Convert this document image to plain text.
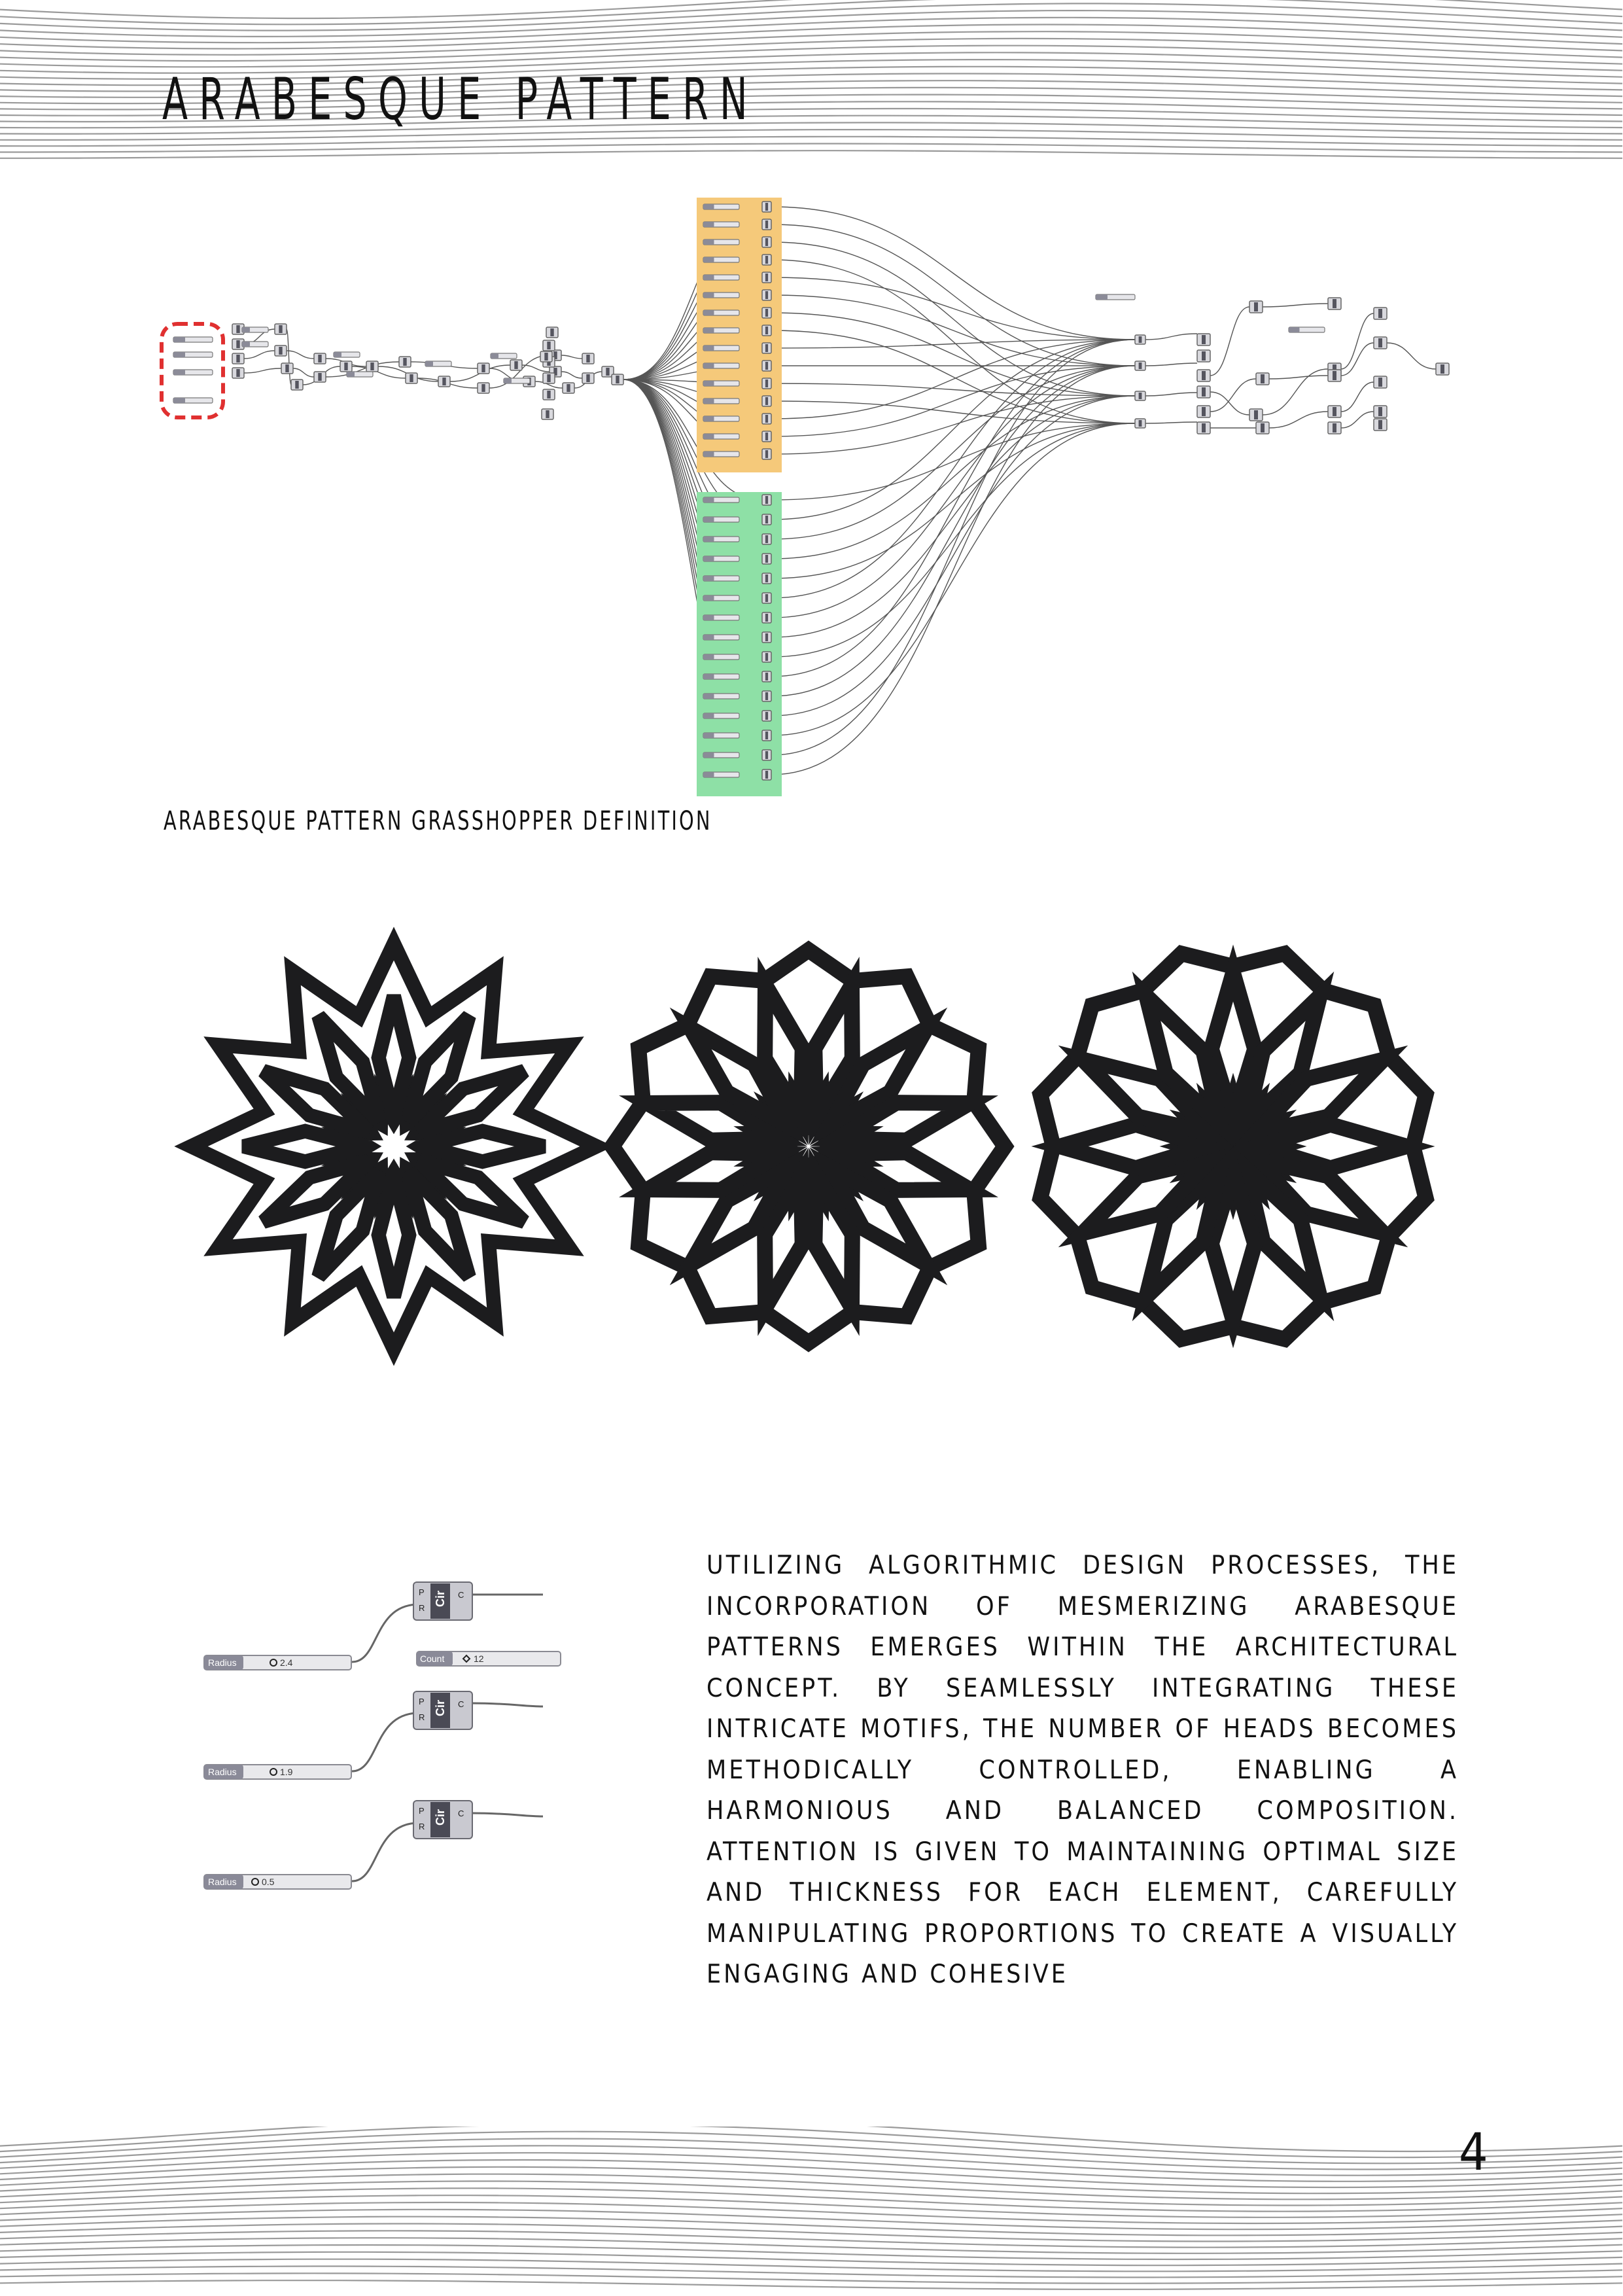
ARABESQUE PATTERN
ARABESQUE PATTERN GRASSHOPPER DEFINITION
Radius	2.4	Count	12
Radius	1.9
Radius	0.5
Cir
P
R
C
Cir
P
R
C
Cir
P
R
C

UTILIZING ALGORITHMIC DESIGN PROCESSES, THE INCORPORATION OF MESMERIZING ARABESQUE PATTERNS EMERGES WITHIN THE ARCHITECTURAL CONCEPT. BY SEAMLESSLY INTEGRATING THESE INTRICATE MOTIFS, THE NUMBER OF HEADS BECOMES METHODICALLY CONTROLLED, ENABLING A HARMONIOUS AND BALANCED COMPOSITION. ATTENTION IS GIVEN TO MAINTAINING OPTIMAL SIZE AND THICKNESS FOR EACH ELEMENT, CAREFULLY MANIPULATING PROPORTIONS TO CREATE A VISUALLY ENGAGING AND COHESIVE

4
